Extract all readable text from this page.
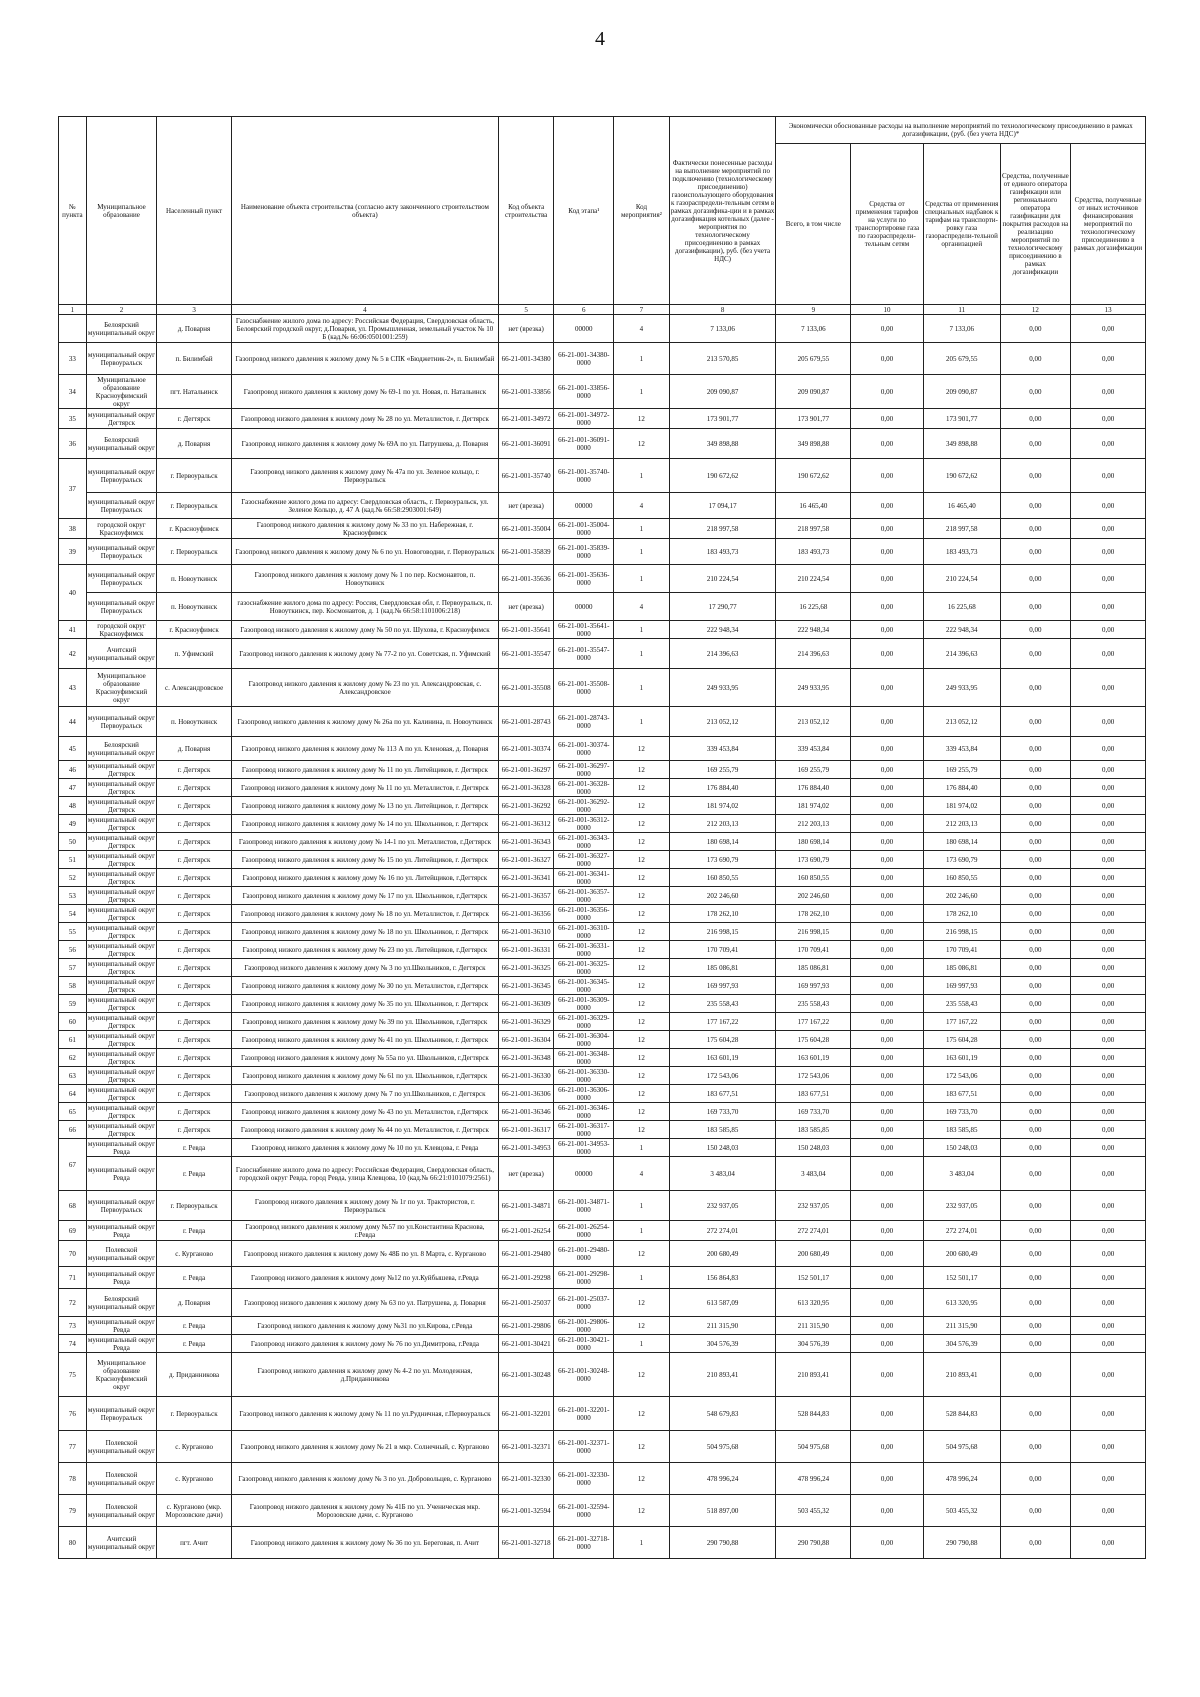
4
№ пункта	Муниципальное образование	Населенный пункт	Наименование объекта строительства (согласно акту законченного строительством объекта)	Код объекта строительства	Код этапа¹	Код мероприятия²	Фактически понесенные расходы на выполнение мероприятий по подключению (технологическому присоединению) газоиспользующего оборудования к газораспредели-тельным сетям в рамках догазифика-ции и в рамках догазификация котельных (далее - мероприятия по технологическому присоединению в рамках догазификации), руб. (без учета НДС)	Экономически обоснованные расходы на выполнение мероприятий по технологическому присоединению в рамках догазификации, (руб. (без учета НДС)*				
								Всего, в том числе	Средства от применения тарифов на услуги по транспортировке газа по газораспредели-тельным сетям	Средства от применения специальных надбавок к тарифам на транспорти-ровку газа газораспредели-тельной организацией	Средства, полученные от единого оператора газификации или регионального оператора газификации для покрытия расходов на реализацию мероприятий по технологическому присоединению в рамках догазификации	Средства, полученные от иных источников финансирования мероприятий по технологическому присоединению в рамках догазификации
1	2	3	4	5	6	7	8	9	10	11	12	13
	Белоярский муниципальный округ	д. Поварня	Газоснабжение жилого дома по адресу: Российская Федерация, Свердловская область, Белоярский городской округ, д.Поварня, ул. Промышленная, земельный участок № 10 Б (кад.№ 66:06:0501001:259)	нет (врезка)	00000	4	7 133,06	7 133,06	0,00	7 133,06	0,00	0,00
33	муниципальный округ Первоуральск	п. Билимбай	Газопровод низкого давления к жилому дому № 5 в СПК «Бюджетник-2», п. Билимбай	66-21-001-34380	66-21-001-34380-0000	1	213 570,85	205 679,55	0,00	205 679,55	0,00	0,00
34	Муниципальное образование Красноуфимский округ	пгт. Натальинск	Газопровод низкого давления к жилому дому № 69-1 по ул. Новая, п. Натальинск	66-21-001-33856	66-21-001-33856-0000	1	209 090,87	209 090,87	0,00	209 090,87	0,00	0,00
35	муниципальный округ Дегтярск	г. Дегтярск	Газопровод низкого давления к жилому дому № 28 по ул. Металлистов, г. Дегтярск	66-21-001-34972	66-21-001-34972-0000	12	173 901,77	173 901,77	0,00	173 901,77	0,00	0,00
36	Белоярский муниципальный округ	д. Поварня	Газопровод низкого давления к жилому дому № 69А по ул. Патрушева, д. Поварня	66-21-001-36091	66-21-001-36091-0000	12	349 898,88	349 898,88	0,00	349 898,88	0,00	0,00
37	муниципальный округ Первоуральск	г. Первоуральск	Газопровод низкого давления к жилому дому № 47а по ул. Зеленое кольцо, г. Первоуральск	66-21-001-35740	66-21-001-35740-0000	1	190 672,62	190 672,62	0,00	190 672,62	0,00	0,00
	муниципальный округ Первоуральск	г. Первоуральск	Газоснабжение жилого дома по адресу: Свердловская область, г. Первоуральск, ул. Зеленое Кольцо, д. 47 А (кад.№ 66:58:2903001:649)	нет (врезка)	00000	4	17 094,17	16 465,40	0,00	16 465,40	0,00	0,00
38	городской округ Красноуфимск	г. Красноуфимск	Газопровод низкого давления к жилому дому № 33 по ул. Набережная, г. Красноуфимск	66-21-001-35004	66-21-001-35004-0000	1	218 997,58	218 997,58	0,00	218 997,58	0,00	0,00
39	муниципальный округ Первоуральск	г. Первоуральск	Газопровод низкого давления к жилому дому № 6 по ул. Новоговодни, г. Первоуральск	66-21-001-35839	66-21-001-35839-0000	1	183 493,73	183 493,73	0,00	183 493,73	0,00	0,00
40	муниципальный округ Первоуральск	п. Новоуткинск	Газопровод низкого давления к жилому дому № 1 по пер. Космонавтов, п. Новоуткинск	66-21-001-35636	66-21-001-35636-0000	1	210 224,54	210 224,54	0,00	210 224,54	0,00	0,00
	муниципальный округ Первоуральск	п. Новоуткинск	газоснабжение жилого дома по адресу: Россия, Свердловская обл, г. Первоуральск, п. Новоуткинск, пер. Космонавтов, д. 1 (кад.№ 66:58:1101006:218)	нет (врезка)	00000	4	17 290,77	16 225,68	0,00	16 225,68	0,00	0,00
41	городской округ Красноуфимск	г. Красноуфимск	Газопровод низкого давления к жилому дому № 50 по ул. Шухова, г. Красноуфимск	66-21-001-35641	66-21-001-35641-0000	1	222 948,34	222 948,34	0,00	222 948,34	0,00	0,00
42	Ачитский муниципальный округ	п. Уфимский	Газопровод низкого давления к жилому дому № 77-2 по ул. Советская, п. Уфимский	66-21-001-35547	66-21-001-35547-0000	1	214 396,63	214 396,63	0,00	214 396,63	0,00	0,00
43	Муниципальное образование Красноуфимский округ	с. Александровское	Газопровод низкого давления к жилому дому № 23 по ул. Александровская, с. Александровское	66-21-001-35508	66-21-001-35508-0000	1	249 933,95	249 933,95	0,00	249 933,95	0,00	0,00
44	муниципальный округ Первоуральск	п. Новоуткинск	Газопровод низкого давления к жилому дому № 26а по ул. Калинина, п. Новоуткинск	66-21-001-28743	66-21-001-28743-0000	1	213 052,12	213 052,12	0,00	213 052,12	0,00	0,00
45	Белоярский муниципальный округ	д. Поварня	Газопровод низкого давления к жилому дому № 113 А по ул. Кленовая, д. Поварня	66-21-001-30374	66-21-001-30374-0000	12	339 453,84	339 453,84	0,00	339 453,84	0,00	0,00
46	муниципальный округ Дегтярск	г. Дегтярск	Газопровод низкого давления к жилому дому № 11 по ул. Литейщиков, г. Дегтярск	66-21-001-36297	66-21-001-36297-0000	12	169 255,79	169 255,79	0,00	169 255,79	0,00	0,00
47	муниципальный округ Дегтярск	г. Дегтярск	Газопровод низкого давления к жилому дому № 11 по ул. Металлистов, г. Дегтярск	66-21-001-36328	66-21-001-36328-0000	12	176 884,40	176 884,40	0,00	176 884,40	0,00	0,00
48	муниципальный округ Дегтярск	г. Дегтярск	Газопровод низкого давления к жилому дому № 13 по ул. Литейщиков, г. Дегтярск	66-21-001-36292	66-21-001-36292-0000	12	181 974,02	181 974,02	0,00	181 974,02	0,00	0,00
49	муниципальный округ Дегтярск	г. Дегтярск	Газопровод низкого давления к жилому дому № 14 по ул. Школьников, г. Дегтярск	66-21-001-36312	66-21-001-36312-0000	12	212 203,13	212 203,13	0,00	212 203,13	0,00	0,00
50	муниципальный округ Дегтярск	г. Дегтярск	Газопровод низкого давления к жилому дому № 14-1 по ул. Металлистов, г.Дегтярск	66-21-001-36343	66-21-001-36343-0000	12	180 698,14	180 698,14	0,00	180 698,14	0,00	0,00
51	муниципальный округ Дегтярск	г. Дегтярск	Газопровод низкого давления к жилому дому № 15 по ул. Литейщиков, г. Дегтярск	66-21-001-36327	66-21-001-36327-0000	12	173 690,79	173 690,79	0,00	173 690,79	0,00	0,00
52	муниципальный округ Дегтярск	г. Дегтярск	Газопровод низкого давления к жилому дому № 16 по ул. Литейщиков, г.Дегтярск	66-21-001-36341	66-21-001-36341-0000	12	160 850,55	160 850,55	0,00	160 850,55	0,00	0,00
53	муниципальный округ Дегтярск	г. Дегтярск	Газопровод низкого давления к жилому дому № 17 по ул. Школьников, г.Дегтярск	66-21-001-36357	66-21-001-36357-0000	12	202 246,60	202 246,60	0,00	202 246,60	0,00	0,00
54	муниципальный округ Дегтярск	г. Дегтярск	Газопровод низкого давления к жилому дому № 18 по ул. Металлистов, г. Дегтярск	66-21-001-36356	66-21-001-36356-0000	12	178 262,10	178 262,10	0,00	178 262,10	0,00	0,00
55	муниципальный округ Дегтярск	г. Дегтярск	Газопровод низкого давления к жилому дому № 18 по ул. Школьников, г. Дегтярск	66-21-001-36310	66-21-001-36310-0000	12	216 998,15	216 998,15	0,00	216 998,15	0,00	0,00
56	муниципальный округ Дегтярск	г. Дегтярск	Газопровод низкого давления к жилому дому № 23 по ул. Литейщиков, г.Дегтярск	66-21-001-36331	66-21-001-36331-0000	12	170 709,41	170 709,41	0,00	170 709,41	0,00	0,00
57	муниципальный округ Дегтярск	г. Дегтярск	Газопровод низкого давления к жилому дому № 3 по ул.Школьников, г. Дегтярск	66-21-001-36325	66-21-001-36325-0000	12	185 086,81	185 086,81	0,00	185 086,81	0,00	0,00
58	муниципальный округ Дегтярск	г. Дегтярск	Газопровод низкого давления к жилому дому № 30 по ул. Металлистов, г.Дегтярск	66-21-001-36345	66-21-001-36345-0000	12	169 997,93	169 997,93	0,00	169 997,93	0,00	0,00
59	муниципальный округ Дегтярск	г. Дегтярск	Газопровод низкого давления к жилому дому № 35 по ул. Школьников, г. Дегтярск	66-21-001-36309	66-21-001-36309-0000	12	235 558,43	235 558,43	0,00	235 558,43	0,00	0,00
60	муниципальный округ Дегтярск	г. Дегтярск	Газопровод низкого давления к жилому дому № 39 по ул. Школьников, г.Дегтярск	66-21-001-36329	66-21-001-36329-0000	12	177 167,22	177 167,22	0,00	177 167,22	0,00	0,00
61	муниципальный округ Дегтярск	г. Дегтярск	Газопровод низкого давления к жилому дому № 41 по ул. Школьников, г. Дегтярск	66-21-001-36304	66-21-001-36304-0000	12	175 604,28	175 604,28	0,00	175 604,28	0,00	0,00
62	муниципальный округ Дегтярск	г. Дегтярск	Газопровод низкого давления к жилому дому № 55а по ул. Школьников, г.Дегтярск	66-21-001-36348	66-21-001-36348-0000	12	163 601,19	163 601,19	0,00	163 601,19	0,00	0,00
63	муниципальный округ Дегтярск	г. Дегтярск	Газопровод низкого давления к жилому дому № 61 по ул. Школьников, г.Дегтярск	66-21-001-36330	66-21-001-36330-0000	12	172 543,06	172 543,06	0,00	172 543,06	0,00	0,00
64	муниципальный округ Дегтярск	г. Дегтярск	Газопровод низкого давления к жилому дому № 7 по ул.Школьников, г. Дегтярск	66-21-001-36306	66-21-001-36306-0000	12	183 677,51	183 677,51	0,00	183 677,51	0,00	0,00
65	муниципальный округ Дегтярск	г. Дегтярск	Газопровод низкого давления к жилому дому № 43 по ул. Металлистов, г.Дегтярск	66-21-001-36346	66-21-001-36346-0000	12	169 733,70	169 733,70	0,00	169 733,70	0,00	0,00
66	муниципальный округ Дегтярск	г. Дегтярск	Газопровод низкого давления к жилому дому № 44 по ул. Металлистов, г. Дегтярск	66-21-001-36317	66-21-001-36317-0000	12	183 585,85	183 585,85	0,00	183 585,85	0,00	0,00
67	муниципальный округ Ревда	г. Ревда	Газопровод низкого давления к жилому дому № 10 по ул. Клевцова, г. Ревда	66-21-001-34953	66-21-001-34953-0000	1	150 248,03	150 248,03	0,00	150 248,03	0,00	0,00
	муниципальный округ Ревда	г. Ревда	Газоснабжение жилого дома по адресу: Российская Федерация, Свердловская область, городской округ Ревда, город Ревда, улица Клевцова, 10 (кад.№ 66:21:0101079:2561)	нет (врезка)	00000	4	3 483,04	3 483,04	0,00	3 483,04	0,00	0,00
68	муниципальный округ Первоуральск	г. Первоуральск	Газопровод низкого давления к жилому дому № 1г по ул. Трактористов, г. Первоуральск	66-21-001-34871	66-21-001-34871-0000	1	232 937,05	232 937,05	0,00	232 937,05	0,00	0,00
69	муниципальный округ Ревда	г. Ревда	Газопровод низкого давления к жилому дому №57 по ул.Константина Краснова, г.Ревда	66-21-001-26254	66-21-001-26254-0000	1	272 274,01	272 274,01	0,00	272 274,01	0,00	0,00
70	Полевской муниципальный округ	с. Курганово	Газопровод низкого давления к жилому дому № 48Б по ул. 8 Марта, с. Курганово	66-21-001-29480	66-21-001-29480-0000	12	200 680,49	200 680,49	0,00	200 680,49	0,00	0,00
71	муниципальный округ Ревда	г. Ревда	Газопровод низкого давления к жилому дому №12 по ул.Куйбышева, г.Ревда	66-21-001-29298	66-21-001-29298-0000	1	156 864,83	152 501,17	0,00	152 501,17	0,00	0,00
72	Белоярский муниципальный округ	д. Поварня	Газопровод низкого давления к жилому дому № 63 по ул. Патрушева, д. Поварня	66-21-001-25037	66-21-001-25037-0000	12	613 587,09	613 320,95	0,00	613 320,95	0,00	0,00
73	муниципальный округ Ревда	г. Ревда	Газопровод низкого давления к жилому дому №31 по ул.Кирова, г.Ревда	66-21-001-29806	66-21-001-29806-0000	12	211 315,90	211 315,90	0,00	211 315,90	0,00	0,00
74	муниципальный округ Ревда	г. Ревда	Газопровод низкого давления к жилому дому № 76 по ул.Димитрова, г.Ревда	66-21-001-30421	66-21-001-30421-0000	1	304 576,39	304 576,39	0,00	304 576,39	0,00	0,00
75	Муниципальное образование Красноуфимский округ	д. Приданникова	Газопровод низкого давления к жилому дому № 4-2 по ул. Молодежная, д.Приданникова	66-21-001-30248	66-21-001-30248-0000	12	210 893,41	210 893,41	0,00	210 893,41	0,00	0,00
76	муниципальный округ Первоуральск	г. Первоуральск	Газопровод низкого давления к жилому дому № 11 по ул.Рудничная, г.Первоуральск	66-21-001-32201	66-21-001-32201-0000	12	548 679,83	528 844,83	0,00	528 844,83	0,00	0,00
77	Полевской муниципальный округ	с. Курганово	Газопровод низкого давления к жилому дому № 21 в мкр. Солнечный, с. Курганово	66-21-001-32371	66-21-001-32371-0000	12	504 975,68	504 975,68	0,00	504 975,68	0,00	0,00
78	Полевской муниципальный округ	с. Курганово	Газопровод низкого давления к жилому дому № 3 по ул. Добровольцев, с. Курганово	66-21-001-32330	66-21-001-32330-0000	12	478 996,24	478 996,24	0,00	478 996,24	0,00	0,00
79	Полевской муниципальный округ	с. Курганово (мкр. Морозовские дачи)	Газопровод низкого давления к жилому дому № 41Б по ул. Ученическая мкр. Морозовские дачи, с. Курганово	66-21-001-32594	66-21-001-32594-0000	12	518 897,00	503 455,32	0,00	503 455,32	0,00	0,00
80	Ачитский муниципальный округ	пгт. Ачит	Газопровод низкого давления к жилому дому № 36 по ул. Береговая, п. Ачит	66-21-001-32718	66-21-001-32718-0000	1	290 790,88	290 790,88	0,00	290 790,88	0,00	0,00
